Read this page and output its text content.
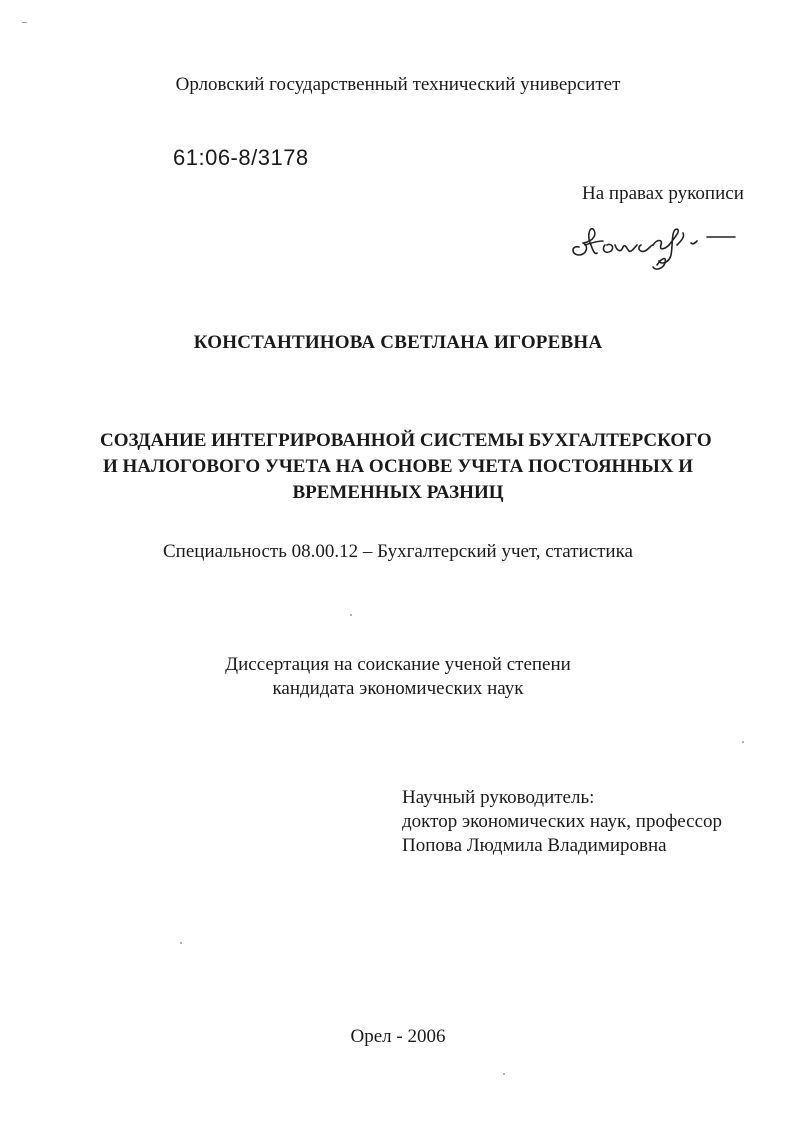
Орловский государственный технический университет
61:06-8/3178
На правах рукописи
КОНСТАНТИНОВА СВЕТЛАНА ИГОРЕВНА
СОЗДАНИЕ ИНТЕГРИРОВАННОЙ СИСТЕМЫ БУХГАЛТЕРСКОГО
И НАЛОГОВОГО УЧЕТА НА ОСНОВЕ УЧЕТА ПОСТОЯННЫХ И
ВРЕМЕННЫХ РАЗНИЦ
Специальность 08.00.12 – Бухгалтерский учет, статистика
Диссертация на соискание ученой степени
кандидата экономических наук
Научный руководитель:
доктор экономических наук, профессор
Попова Людмила Владимировна
Орел - 2006
